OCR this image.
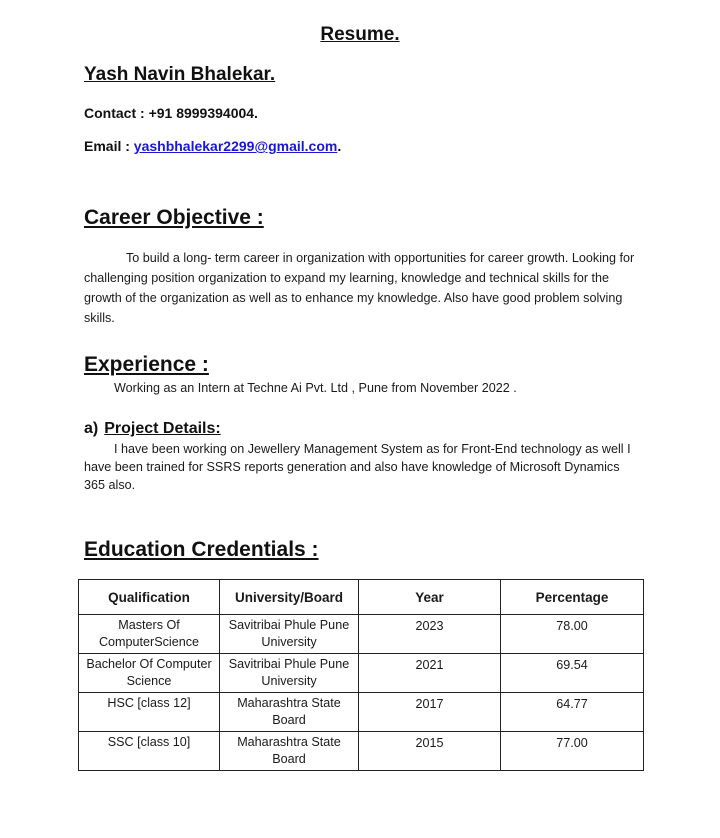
Resume.
Yash Navin Bhalekar.
Contact : +91 8999394004.
Email : yashbhalekar2299@gmail.com.
Career Objective :
To build a long- term career in organization with opportunities for career growth. Looking for challenging position organization to expand my learning, knowledge and technical skills for the growth of the organization as well as to enhance my knowledge. Also have good problem solving skills.
Experience :
Working as an Intern at Techne Ai Pvt. Ltd , Pune from November 2022 .
a) Project Details:
I have been working on Jewellery Management System as for Front-End technology as well I have been trained for SSRS reports generation and also have knowledge of Microsoft Dynamics 365 also.
Education Credentials :
Qualification	University/Board	Year	Percentage
Masters Of ComputerScience	Savitribai Phule Pune University	2023	78.00
Bachelor Of Computer Science	Savitribai Phule Pune University	2021	69.54
HSC [class 12]	Maharashtra State Board	2017	64.77
SSC [class 10]	Maharashtra State Board	2015	77.00
